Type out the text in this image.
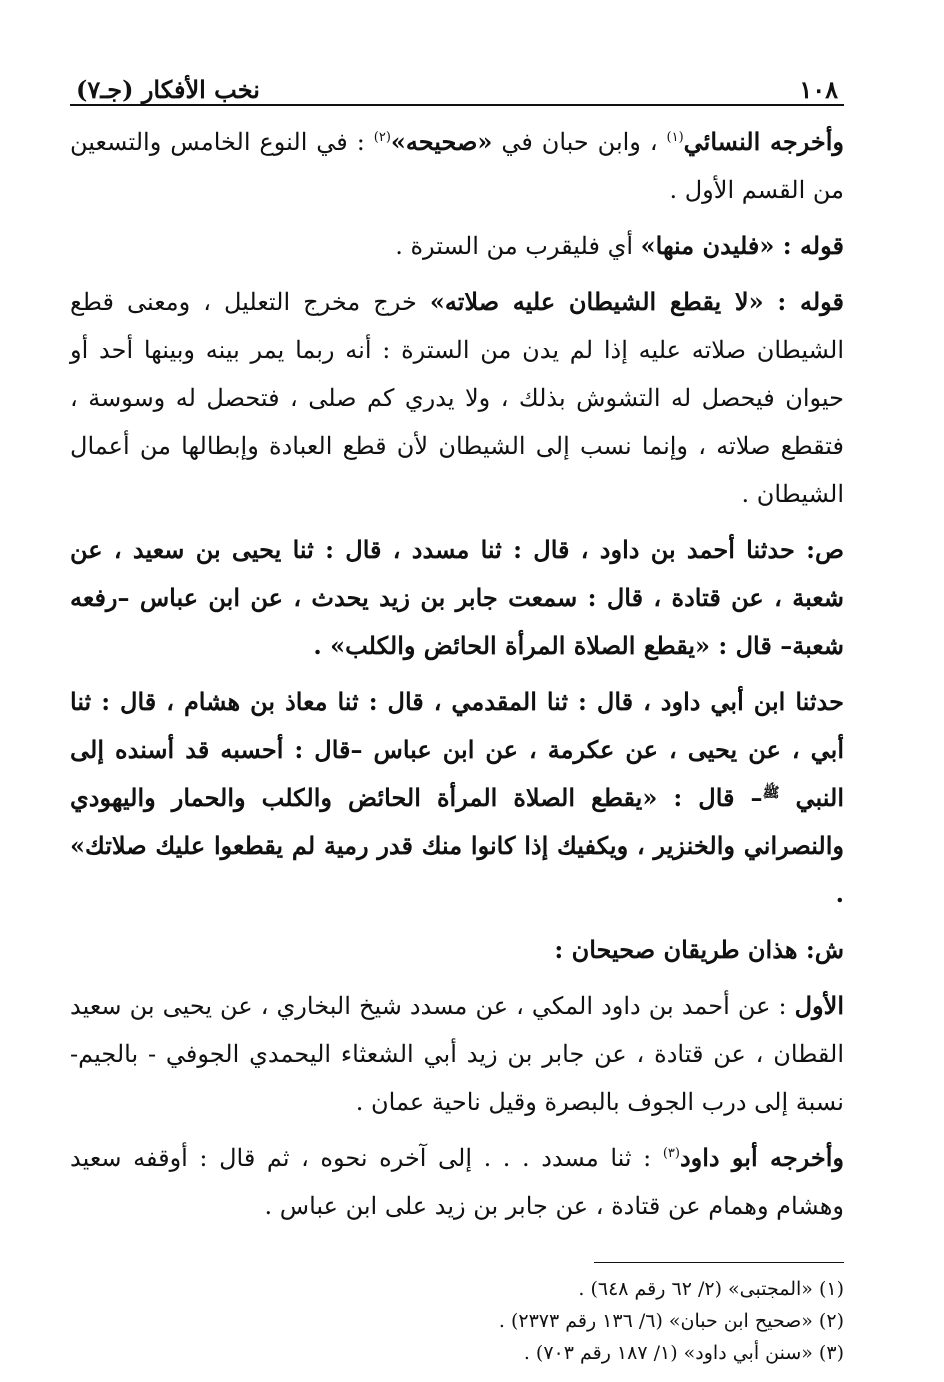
١٠٨
نخب الأفكار (جـ٧)

وأخرجه النسائي$^{(١)}$ ، وابن حبان في «صحيحه»$^{(٢)}$ : في النوع الخامس والتسعين من القسم الأول .

قوله : «فليدن منها» أي فليقرب من السترة .

قوله : «لا يقطع الشيطان عليه صلاته» خرج مخرج التعليل ، ومعنى قطع الشيطان صلاته عليه إذا لم يدن من السترة : أنه ربما يمر بينه وبينها أحد أو حيوان فيحصل له التشوش بذلك ، ولا يدري كم صلى ، فتحصل له وسوسة ، فتقطع صلاته ، وإنما نسب إلى الشيطان لأن قطع العبادة وإبطالها من أعمال الشيطان .

ص: حدثنا أحمد بن داود ، قال : ثنا مسدد ، قال : ثنا يحيى بن سعيد ، عن شعبة ، عن قتادة ، قال : سمعت جابر بن زيد يحدث ، عن ابن عباس –رفعه شعبة– قال : «يقطع الصلاة المرأة الحائض والكلب» .

حدثنا ابن أبي داود ، قال : ثنا المقدمي ، قال : ثنا معاذ بن هشام ، قال : ثنا أبي ، عن يحيى ، عن عكرمة ، عن ابن عباس –قال : أحسبه قد أسنده إلى النبي $^ﷺ$– قال : «يقطع الصلاة المرأة الحائض والكلب والحمار واليهودي والنصراني والخنزير ، ويكفيك إذا كانوا منك قدر رمية لم يقطعوا عليك صلاتك» .

ش: هذان طريقان صحيحان :

الأول : عن أحمد بن داود المكي ، عن مسدد شيخ البخاري ، عن يحيى بن سعيد القطان ، عن قتادة ، عن جابر بن زيد أبي الشعثاء اليحمدي الجوفي - بالجيم- نسبة إلى درب الجوف بالبصرة وقيل ناحية عمان .

وأخرجه أبو داود$^{(٣)}$ : ثنا مسدد . . . إلى آخره نحوه ، ثم قال : أوقفه سعيد وهشام وهمام عن قتادة ، عن جابر بن زيد على ابن عباس .

(١) «المجتبى» (٢/ ٦٢ رقم ٦٤٨) .

(٢) «صحيح ابن حبان» (٦/ ١٣٦ رقم ٢٣٧٣) .

(٣) «سنن أبي داود» (١/ ١٨٧ رقم ٧٠٣) .
